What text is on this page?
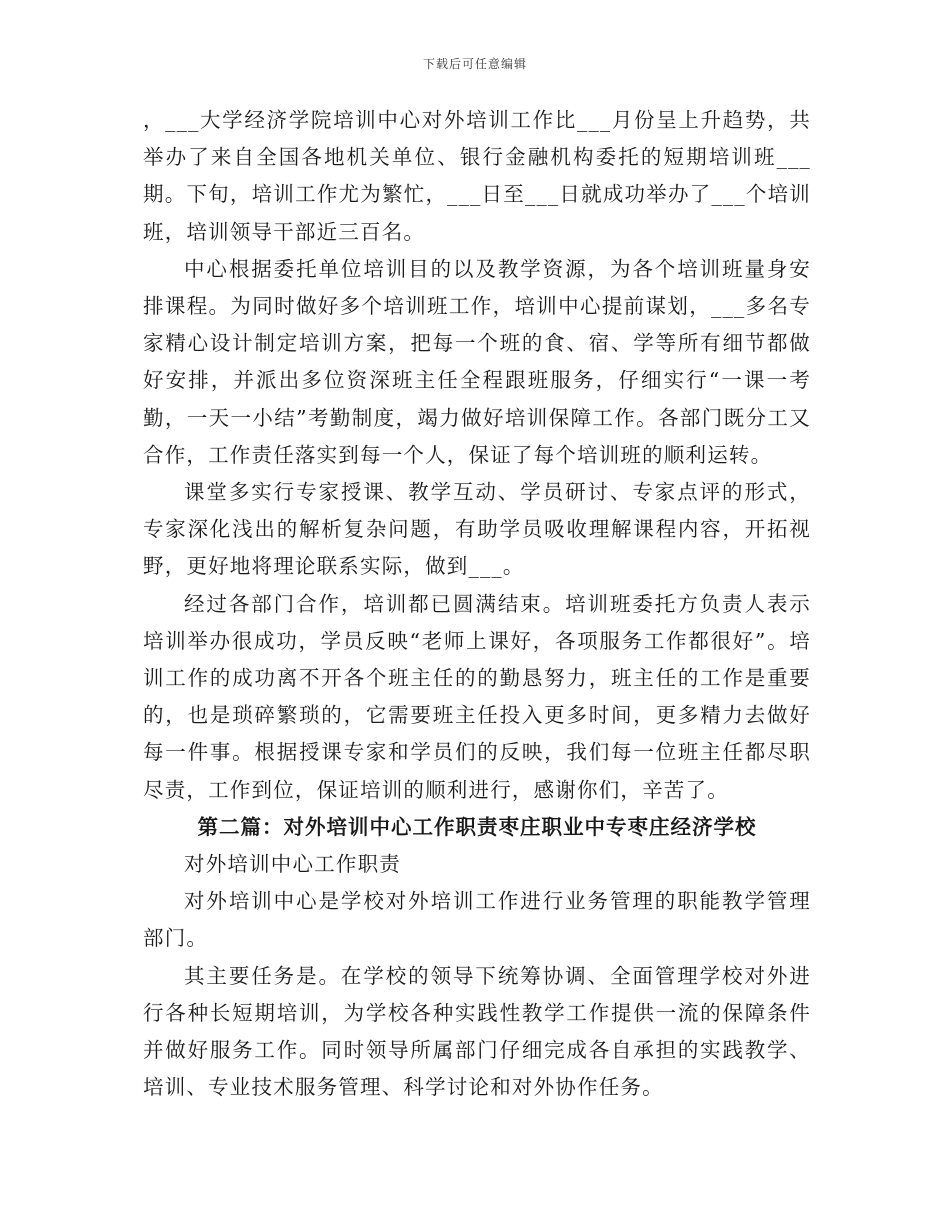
下载后可任意编辑

，___大学经济学院培训中心对外培训工作比___月份呈上升趋势，共举办了来自全国各地机关单位、银行金融机构委托的短期培训班___期。下旬，培训工作尤为繁忙，___日至___日就成功举办了___个培训班，培训领导干部近三百名。

中心根据委托单位培训目的以及教学资源，为各个培训班量身安排课程。为同时做好多个培训班工作，培训中心提前谋划，___多名专家精心设计制定培训方案，把每一个班的食、宿、学等所有细节都做好安排，并派出多位资深班主任全程跟班服务，仔细实行“一课一考勤，一天一小结”考勤制度，竭力做好培训保障工作。各部门既分工又合作，工作责任落实到每一个人，保证了每个培训班的顺利运转。

课堂多实行专家授课、教学互动、学员研讨、专家点评的形式，专家深化浅出的解析复杂问题，有助学员吸收理解课程内容，开拓视野，更好地将理论联系实际，做到___。

经过各部门合作，培训都已圆满结束。培训班委托方负责人表示培训举办很成功，学员反映“老师上课好，各项服务工作都很好”。培训工作的成功离不开各个班主任的的勤恳努力，班主任的工作是重要的，也是琐碎繁琐的，它需要班主任投入更多时间，更多精力去做好每一件事。根据授课专家和学员们的反映，我们每一位班主任都尽职尽责，工作到位，保证培训的顺利进行，感谢你们，辛苦了。

第二篇：对外培训中心工作职责枣庄职业中专枣庄经济学校

对外培训中心工作职责

对外培训中心是学校对外培训工作进行业务管理的职能教学管理部门。

其主要任务是。在学校的领导下统筹协调、全面管理学校对外进行各种长短期培训，为学校各种实践性教学工作提供一流的保障条件并做好服务工作。同时领导所属部门仔细完成各自承担的实践教学、培训、专业技术服务管理、科学讨论和对外协作任务。
